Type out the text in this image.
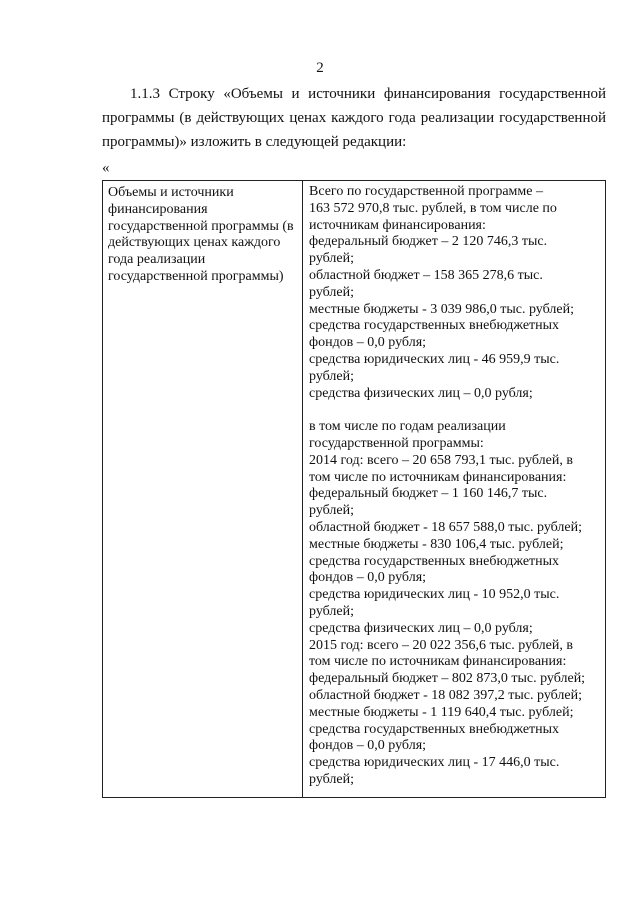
2
1.1.3 Строку «Объемы и источники финансирования государственной программы (в действующих ценах каждого года реализации государственной программы)» изложить в следующей редакции:
«
Объемы и источники финансирования государственной программы (в действующих ценах каждого года реализации государственной программы)
Всего по государственной программе –
163 572 970,8 тыс. рублей, в том числе по
источникам финансирования:
федеральный бюджет – 2 120 746,3 тыс.
рублей;
областной бюджет – 158 365 278,6 тыс.
рублей;
местные бюджеты - 3 039 986,0 тыс. рублей;
средства государственных внебюджетных
фондов – 0,0 рубля;
средства юридических лиц - 46 959,9 тыс.
рублей;
средства физических лиц – 0,0 рубля;
в том числе по годам реализации
государственной программы:
2014 год: всего – 20 658 793,1 тыс. рублей, в
том числе по источникам финансирования:
федеральный бюджет – 1 160 146,7 тыс.
рублей;
областной бюджет - 18 657 588,0 тыс. рублей;
местные бюджеты - 830 106,4 тыс. рублей;
средства государственных внебюджетных
фондов – 0,0 рубля;
средства юридических лиц - 10 952,0 тыс.
рублей;
средства физических лиц – 0,0 рубля;
2015 год: всего – 20 022 356,6 тыс. рублей, в
том числе по источникам финансирования:
федеральный бюджет – 802 873,0 тыс. рублей;
областной бюджет - 18 082 397,2 тыс. рублей;
местные бюджеты - 1 119 640,4 тыс. рублей;
средства государственных внебюджетных
фондов – 0,0 рубля;
средства юридических лиц - 17 446,0 тыс.
рублей;
